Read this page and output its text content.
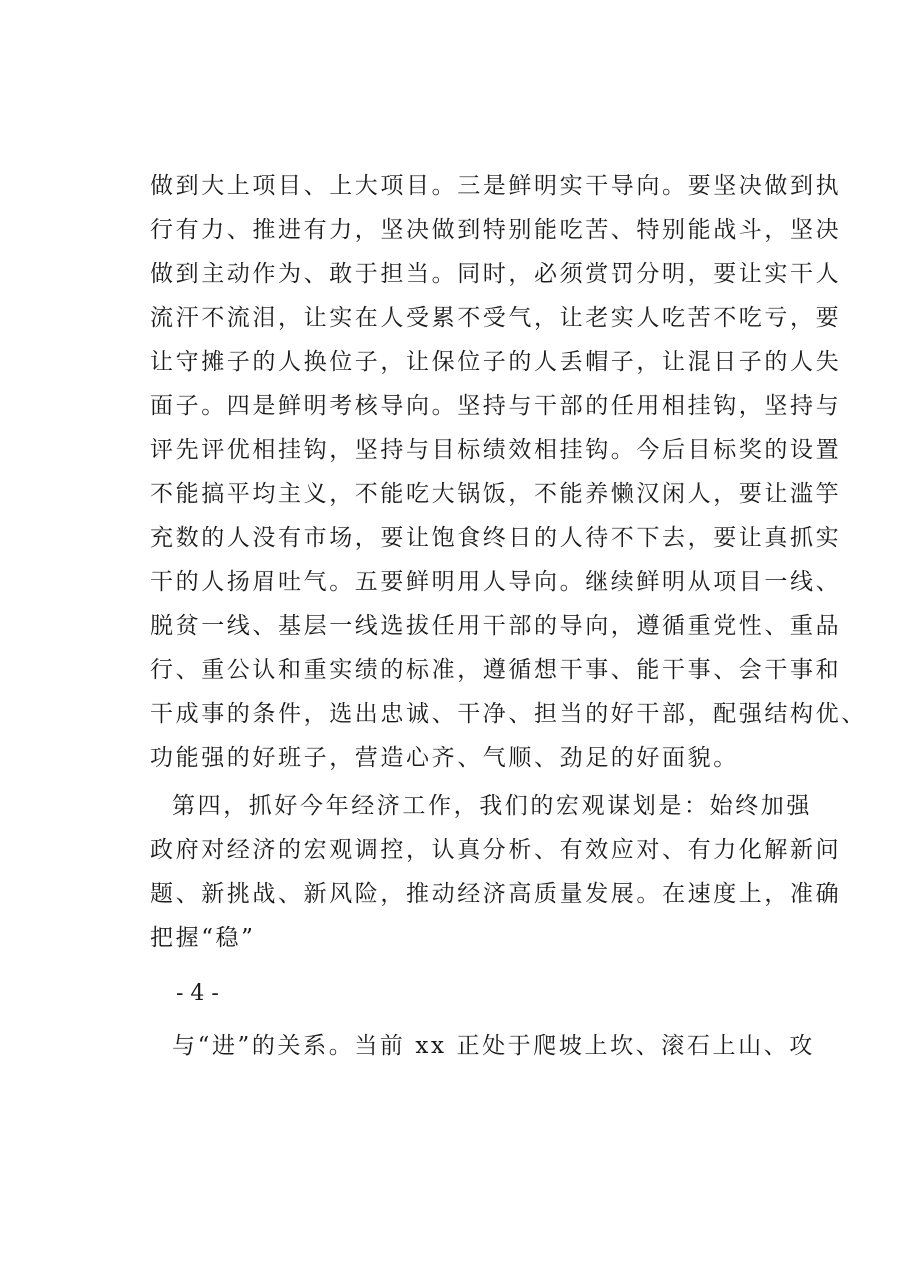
做到大上项目、上大项目。三是鲜明实干导向。要坚决做到执
行有力、推进有力，坚决做到特别能吃苦、特别能战斗，坚决
做到主动作为、敢于担当。同时，必须赏罚分明，要让实干人
流汗不流泪，让实在人受累不受气，让老实人吃苦不吃亏，要
让守摊子的人换位子，让保位子的人丢帽子，让混日子的人失
面子。四是鲜明考核导向。坚持与干部的任用相挂钩，坚持与
评先评优相挂钩，坚持与目标绩效相挂钩。今后目标奖的设置
不能搞平均主义，不能吃大锅饭，不能养懒汉闲人，要让滥竽
充数的人没有市场，要让饱食终日的人待不下去，要让真抓实
干的人扬眉吐气。五要鲜明用人导向。继续鲜明从项目一线、
脱贫一线、基层一线选拔任用干部的导向，遵循重党性、重品
行、重公认和重实绩的标准，遵循想干事、能干事、会干事和
干成事的条件，选出忠诚、干净、担当的好干部，配强结构优、
功能强的好班子，营造心齐、气顺、劲足的好面貌。
第四，抓好今年经济工作，我们的宏观谋划是：始终加强
政府对经济的宏观调控，认真分析、有效应对、有力化解新问
题、新挑战、新风险，推动经济高质量发展。在速度上，准确
把握“稳”
- 4 -
与“进”的关系。当前 xx 正处于爬坡上坎、滚石上山、攻
